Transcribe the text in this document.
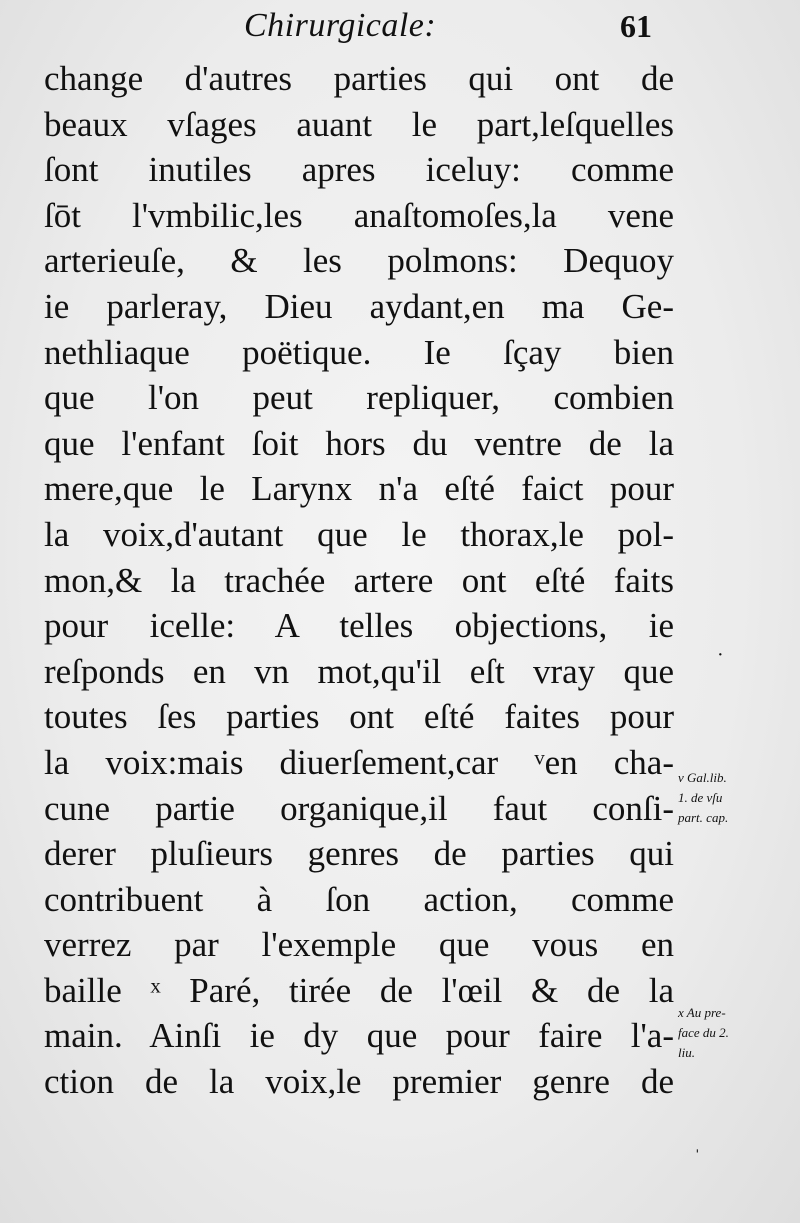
Chirurgicale:	61
change d'autres parties qui ont de
beaux vſages auant le part,leſquelles
ſont inutiles apres iceluy: comme
ſōt l'vmbilic,les anaſtomoſes,la vene
arterieuſe, & les polmons: Dequoy
ie parleray, Dieu aydant,en ma Ge-
nethliaque poëtique. Ie ſçay bien
que l'on peut repliquer, combien
que l'enfant ſoit hors du ventre de la
mere,que le Larynx n'a eſté faict pour
la voix,d'autant que le thorax,le pol-
mon,& la trachée artere ont eſté faits
pour icelle: A telles objections, ie
reſponds en vn mot,qu'il eſt vray que
toutes ſes parties ont eſté faites pour
la voix:mais diuerſement,car ᵛen cha-
cune partie organique,il faut conſi-
derer pluſieurs genres de parties qui
contribuent à ſon action, comme
verrez par l'exemple que vous en
baille ˣ Paré, tirée de l'œil & de la
main. Ainſi ie dy que pour faire l'a-
ction de la voix,le premier genre de
v Gal.lib.
1. de vſu
part. cap.
x Au pre-
face du 2.
liu.
·
ˌ
